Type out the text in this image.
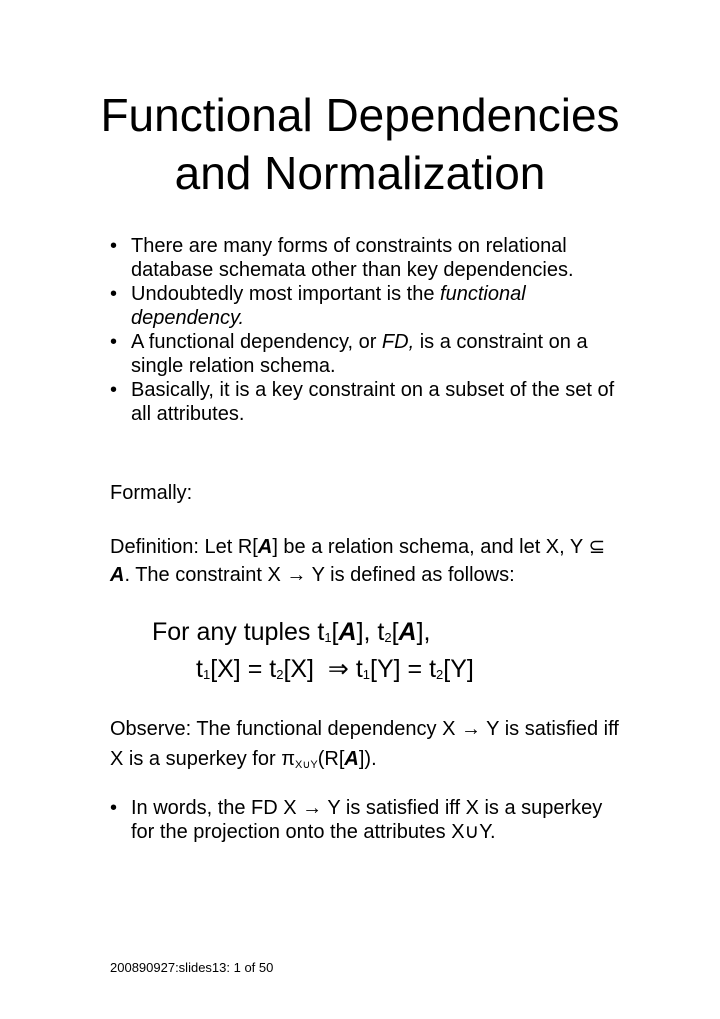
Functional Dependencies
and Normalization
• There are many forms of constraints on relational database schemata other than key dependencies.
• Undoubtedly most important is the functional dependency.
• A functional dependency, or FD, is a constraint on a single relation schema.
• Basically, it is a key constraint on a subset of the set of all attributes.
Formally:
Definition: Let R[A] be a relation schema, and let X, Y ⊆ A. The constraint X → Y is defined as follows:
For any tuples $t_1[A]$, $t_2[A]$,
$t_1[X] = t_2[X]$ ⇒ $t_1[Y] = t_2[Y]$
Observe: The functional dependency X → Y is satisfied iff X is a superkey for $\pi_{X\cup Y}(R[A])$.
• In words, the FD X → Y is satisfied iff X is a superkey for the projection onto the attributes X∪Y.
200890927:slides13: 1 of 50
